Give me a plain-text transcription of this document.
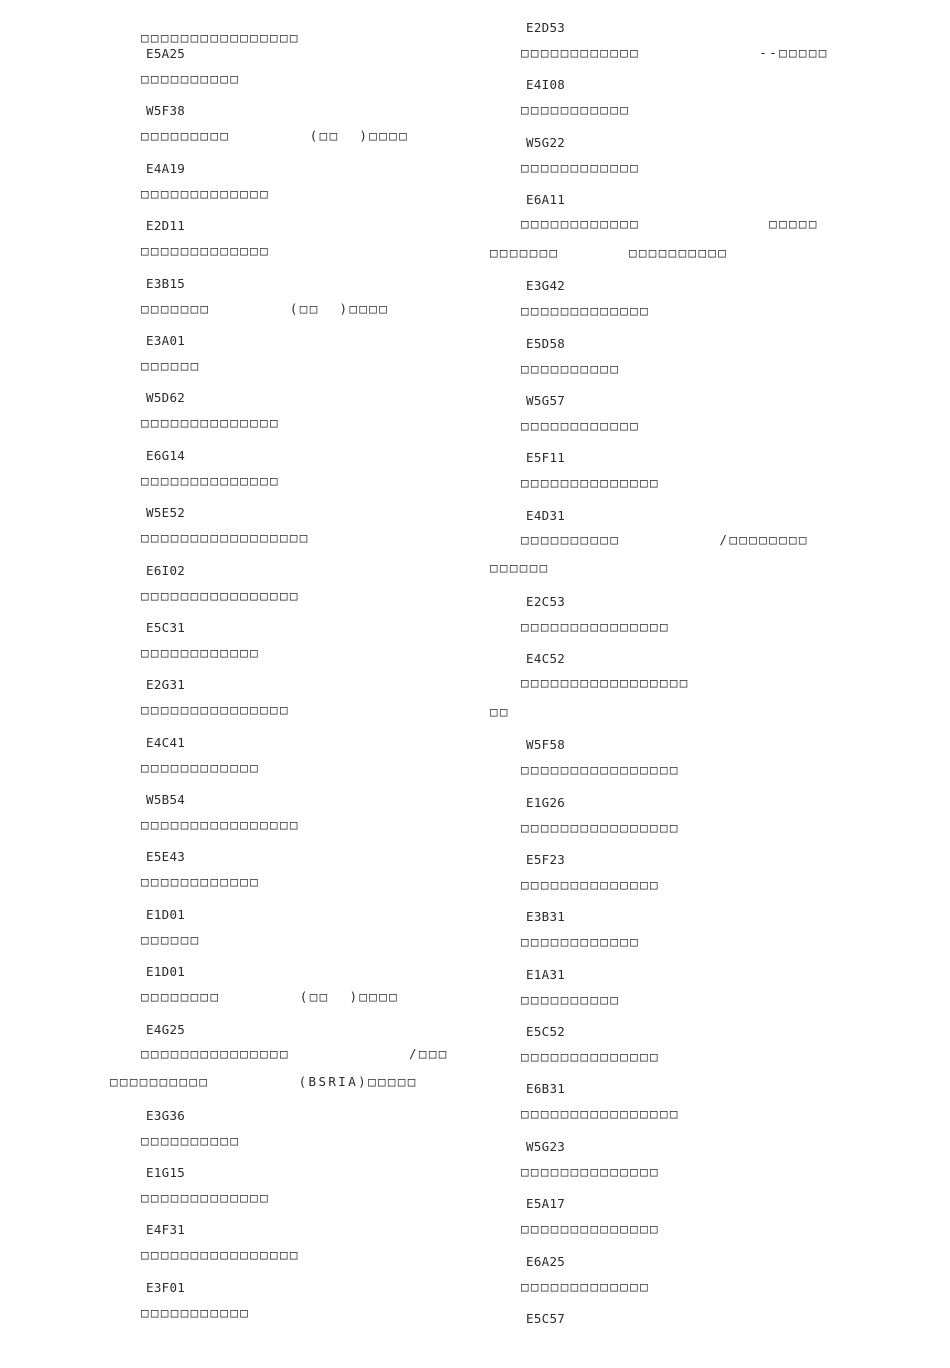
□□□□□□□□□□□□□□□□
E5A25
□□□□□□□□□□
W5F38
□□□□□□□□□        (□□  )□□□□
E4A19
□□□□□□□□□□□□□
E2D11
□□□□□□□□□□□□□
E3B15
□□□□□□□        (□□  )□□□□
E3A01
□□□□□□
W5D62
□□□□□□□□□□□□□□
E6G14
□□□□□□□□□□□□□□
W5E52
□□□□□□□□□□□□□□□□□
E6I02
□□□□□□□□□□□□□□□□
E5C31
□□□□□□□□□□□□
E2G31
□□□□□□□□□□□□□□□
E4C41
□□□□□□□□□□□□
W5B54
□□□□□□□□□□□□□□□□
E5E43
□□□□□□□□□□□□
E1D01
□□□□□□
E1D01
□□□□□□□□        (□□  )□□□□
E4G25
□□□□□□□□□□□□□□□            /□□□
□□□□□□□□□□         (BSRIA)□□□□□
E3G36
□□□□□□□□□□
E1G15
□□□□□□□□□□□□□
E4F31
□□□□□□□□□□□□□□□□
E3F01
□□□□□□□□□□□
E2D53
□□□□□□□□□□□□            --□□□□□
E4I08
□□□□□□□□□□□
W5G22
□□□□□□□□□□□□
E6A11
□□□□□□□□□□□□             □□□□□
□□□□□□□       □□□□□□□□□□
E3G42
□□□□□□□□□□□□□
E5D58
□□□□□□□□□□
W5G57
□□□□□□□□□□□□
E5F11
□□□□□□□□□□□□□□
E4D31
□□□□□□□□□□          /□□□□□□□□
□□□□□□
E2C53
□□□□□□□□□□□□□□□
E4C52
□□□□□□□□□□□□□□□□□
□□
W5F58
□□□□□□□□□□□□□□□□
E1G26
□□□□□□□□□□□□□□□□
E5F23
□□□□□□□□□□□□□□
E3B31
□□□□□□□□□□□□
E1A31
□□□□□□□□□□
E5C52
□□□□□□□□□□□□□□
E6B31
□□□□□□□□□□□□□□□□
W5G23
□□□□□□□□□□□□□□
E5A17
□□□□□□□□□□□□□□
E6A25
□□□□□□□□□□□□□
E5C57
